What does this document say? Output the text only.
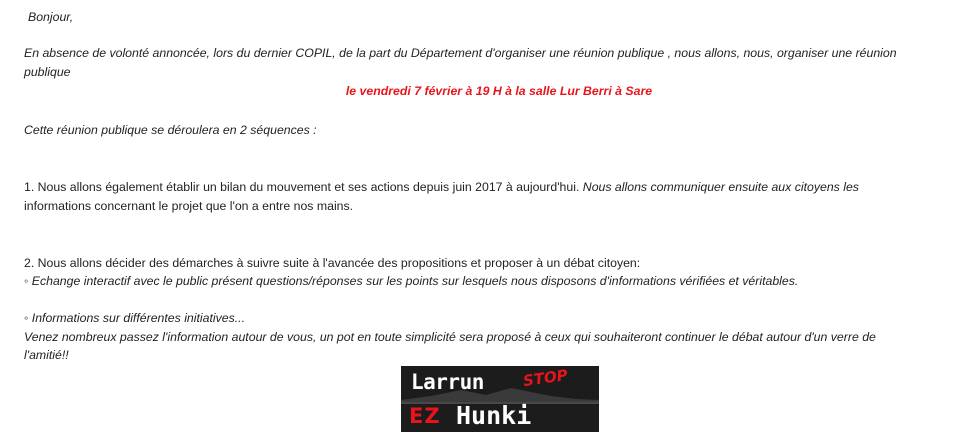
Bonjour,
En absence de volonté annoncée, lors du dernier COPIL, de la part du Département d'organiser une réunion publique , nous allons, nous, organiser une réunion
publique
le vendredi 7 février à 19 H à la salle Lur Berri à Sare
Cette réunion publique se déroulera en 2 séquences :
1. Nous allons également établir un bilan du mouvement et ses actions depuis juin 2017 à aujourd'hui. Nous allons communiquer ensuite aux citoyens les
informations concernant le projet que l'on a entre nos mains.
2. Nous allons décider des démarches à suivre suite à l'avancée des propositions et proposer à un débat citoyen:
◦ Echange interactif avec le public présent questions/réponses sur les points sur lesquels nous disposons d'informations vérifiées et véritables.
◦ Informations sur différentes initiatives...
Venez nombreux passez l'information autour de vous, un pot en toute simplicité sera proposé à ceux qui souhaiteront continuer le débat autour d'un verre de
l'amitié!!
Larrun	STOP
EZ Hunki
